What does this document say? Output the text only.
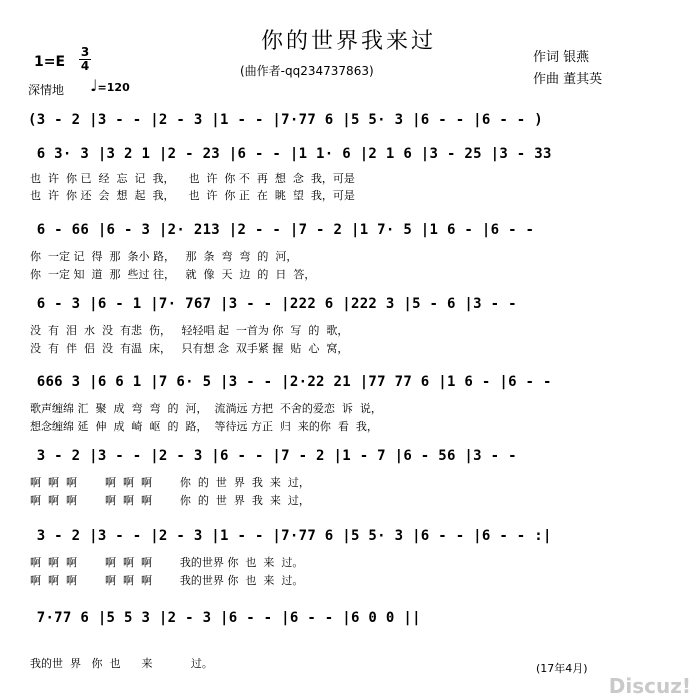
你的世界我来过
(曲作者-qq234737863)
作词 银燕
作曲 董其英
1=E
3
4
深情地 ♩=120
(3 - 2 |3 - - |2 - 3 |1 - - |7·77 6 |5 5· 3 |6 - - |6 - - )
6 3· 3 |3 2 1 |2 - 23 |6 - - |1 1· 6 |2 1 6 |3 - 25 |3 - 33
也  许  你 已  经  忘  记  我，    也  许  你 不  再  想  念  我，可是
也  许  你 还  会  想  起  我，    也  许  你 正  在  眺  望  我，可是
6 - 66 |6 - 3 |2· 213 |2 - - |7 - 2 |1 7· 5 |1 6 - |6 - -
你  一定 记  得  那  条小 路，   那  条  弯  弯  的  河，
你  一定 知  道  那  些过 往，   就  像  天  边  的  日  答，
6 - 3 |6 - 1 |7· 767 |3 - - |222 6 |222 3 |5 - 6 |3 - -
没  有  泪  水  没  有悲  伤，   轻轻唱 起  一首为 你  写  的  歌，
没  有  伴  侣  没  有温  床，   只有想 念  双手紧 握  贴  心  窝，
666 3 |6 6 1 |7 6· 5 |3 - - |2·22 21 |77 77 6 |1 6 - |6 - -
歌声缠绵 汇  聚  成  弯  弯  的  河，  流淌远 方把  不舍的爱恋  诉  说，
想念缠绵 延  伸  成  崎  岖  的  路，  等待远 方正  归  来的你  看  我，
3 - 2 |3 - - |2 - 3 |6 - - |7 - 2 |1 - 7 |6 - 56 |3 - -
啊  啊  啊        啊  啊  啊        你  的  世  界  我  来  过，
啊  啊  啊        啊  啊  啊        你  的  世  界  我  来  过，
3 - 2 |3 - - |2 - 3 |1 - - |7·77 6 |5 5· 3 |6 - - |6 - - :|
啊  啊  啊        啊  啊  啊        我的世界 你  也  来  过。
啊  啊  啊        啊  啊  啊        我的世界 你  也  来  过。
7·77 6 |5 5 3 |2 - 3 |6 - - |6 - - |6 0 0 ||
我的世  界   你  也      来           过。	(17年4月)
Discuz!
